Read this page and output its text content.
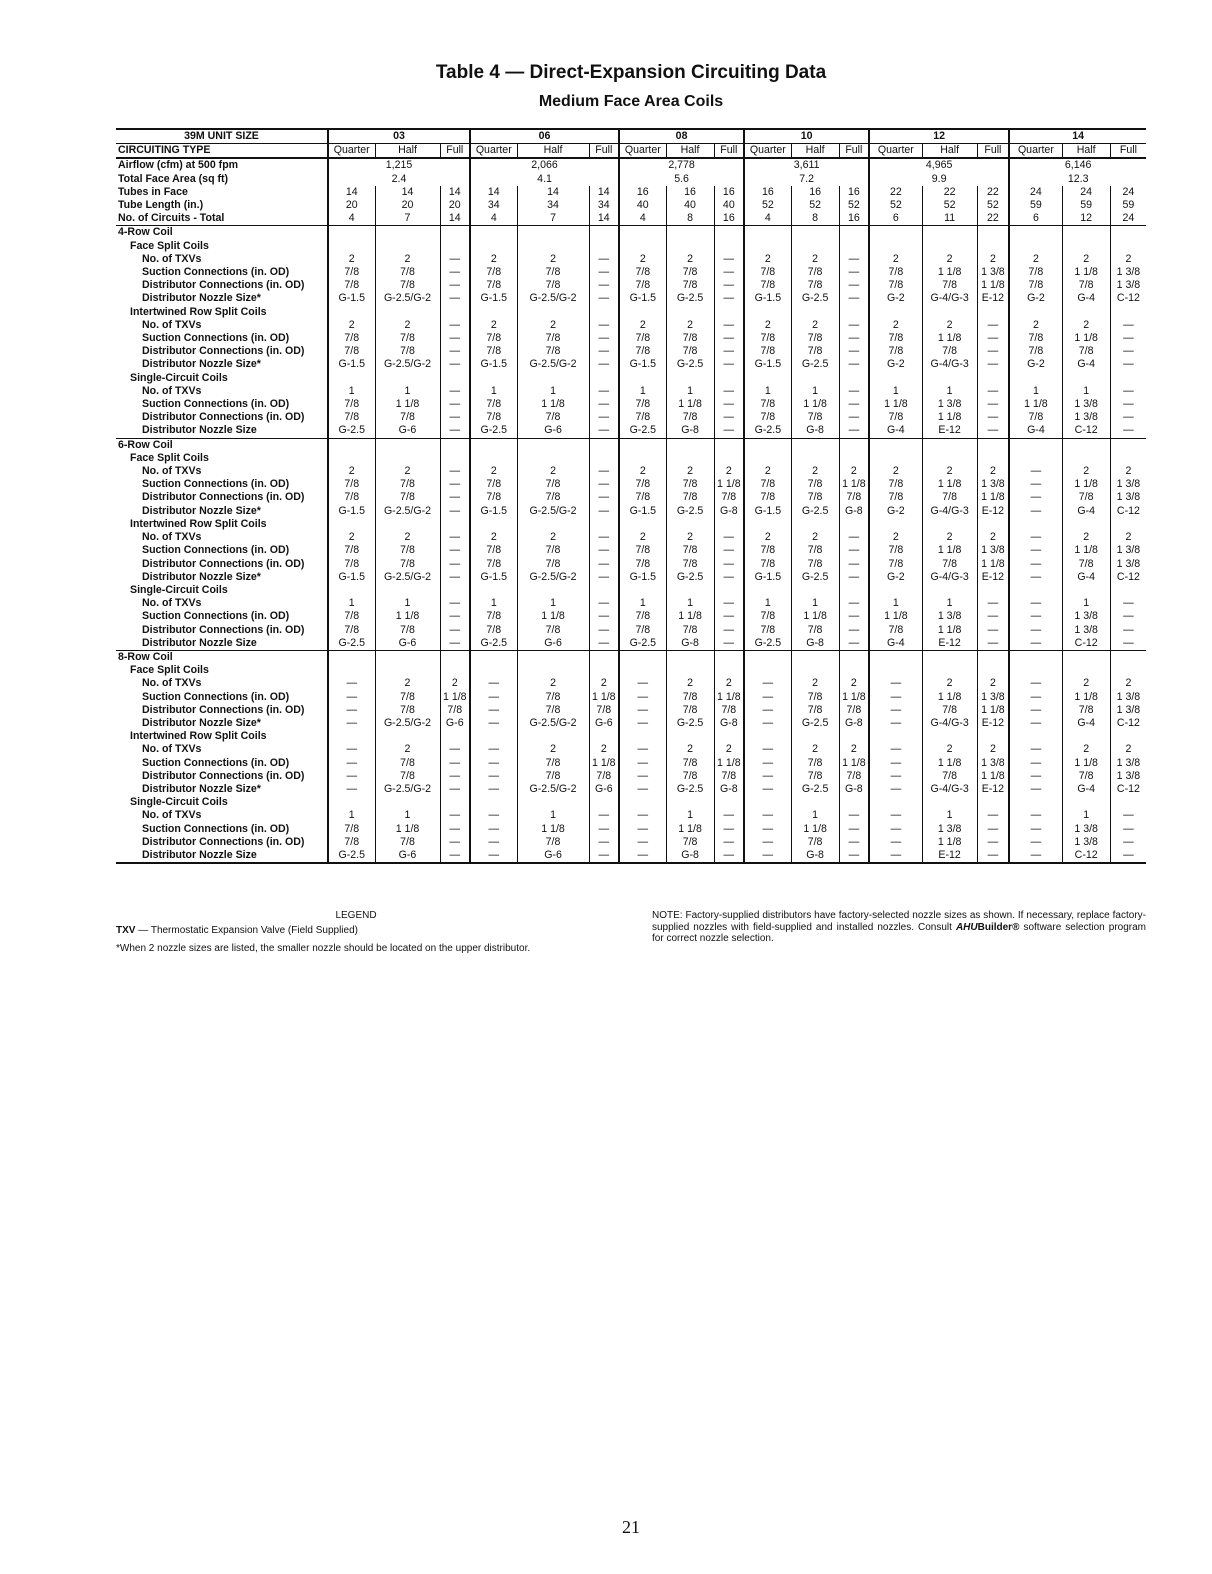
Table 4 — Direct-Expansion Circuiting Data
Medium Face Area Coils
39M UNIT SIZE	03			06			08			10			12			14		
CIRCUITING TYPE	Quarter	Half	Full	Quarter	Half	Full	Quarter	Half	Full	Quarter	Half	Full	Quarter	Half	Full	Quarter	Half	Full
Airflow (cfm) at 500 fpm	1,215			2,066			2,778			3,611			4,965			6,146		
Total Face Area (sq ft)	2.4			4.1			5.6			7.2			9.9			12.3		
Tubes in Face	14	14	14	14	14	14	16	16	16	16	16	16	22	22	22	24	24	24
Tube Length (in.)	20	20	20	34	34	34	40	40	40	52	52	52	52	52	52	59	59	59
No. of Circuits - Total	4	7	14	4	7	14	4	8	16	4	8	16	6	11	22	6	12	24
4-Row Coil																		
Face Split Coils																		
No. of TXVs	2	2	—	2	2	—	2	2	—	2	2	—	2	2	2	2	2	2
Suction Connections (in. OD)	7/8	7/8	—	7/8	7/8	—	7/8	7/8	—	7/8	7/8	—	7/8	1 1/8	1 3/8	7/8	1 1/8	1 3/8
Distributor Connections (in. OD)	7/8	7/8	—	7/8	7/8	—	7/8	7/8	—	7/8	7/8	—	7/8	7/8	1 1/8	7/8	7/8	1 3/8
Distributor Nozzle Size*	G-1.5	G-2.5/G-2	—	G-1.5	G-2.5/G-2	—	G-1.5	G-2.5	—	G-1.5	G-2.5	—	G-2	G-4/G-3	E-12	G-2	G-4	C-12
Intertwined Row Split Coils																		
No. of TXVs	2	2	—	2	2	—	2	2	—	2	2	—	2	2	—	2	2	—
Suction Connections (in. OD)	7/8	7/8	—	7/8	7/8	—	7/8	7/8	—	7/8	7/8	—	7/8	1 1/8	—	7/8	1 1/8	—
Distributor Connections (in. OD)	7/8	7/8	—	7/8	7/8	—	7/8	7/8	—	7/8	7/8	—	7/8	7/8	—	7/8	7/8	—
Distributor Nozzle Size*	G-1.5	G-2.5/G-2	—	G-1.5	G-2.5/G-2	—	G-1.5	G-2.5	—	G-1.5	G-2.5	—	G-2	G-4/G-3	—	G-2	G-4	—
Single-Circuit Coils																		
No. of TXVs	1	1	—	1	1	—	1	1	—	1	1	—	1	1	—	1	1	—
Suction Connections (in. OD)	7/8	1 1/8	—	7/8	1 1/8	—	7/8	1 1/8	—	7/8	1 1/8	—	1 1/8	1 3/8	—	1 1/8	1 3/8	—
Distributor Connections (in. OD)	7/8	7/8	—	7/8	7/8	—	7/8	7/8	—	7/8	7/8	—	7/8	1 1/8	—	7/8	1 3/8	—
Distributor Nozzle Size	G-2.5	G-6	—	G-2.5	G-6	—	G-2.5	G-8	—	G-2.5	G-8	—	G-4	E-12	—	G-4	C-12	—
6-Row Coil																		
Face Split Coils																		
No. of TXVs	2	2	—	2	2	—	2	2	2	2	2	2	2	2	2	—	2	2
Suction Connections (in. OD)	7/8	7/8	—	7/8	7/8	—	7/8	7/8	1 1/8	7/8	7/8	1 1/8	7/8	1 1/8	1 3/8	—	1 1/8	1 3/8
Distributor Connections (in. OD)	7/8	7/8	—	7/8	7/8	—	7/8	7/8	7/8	7/8	7/8	7/8	7/8	7/8	1 1/8	—	7/8	1 3/8
Distributor Nozzle Size*	G-1.5	G-2.5/G-2	—	G-1.5	G-2.5/G-2	—	G-1.5	G-2.5	G-8	G-1.5	G-2.5	G-8	G-2	G-4/G-3	E-12	—	G-4	C-12
Intertwined Row Split Coils																		
No. of TXVs	2	2	—	2	2	—	2	2	—	2	2	—	2	2	2	—	2	2
Suction Connections (in. OD)	7/8	7/8	—	7/8	7/8	—	7/8	7/8	—	7/8	7/8	—	7/8	1 1/8	1 3/8	—	1 1/8	1 3/8
Distributor Connections (in. OD)	7/8	7/8	—	7/8	7/8	—	7/8	7/8	—	7/8	7/8	—	7/8	7/8	1 1/8	—	7/8	1 3/8
Distributor Nozzle Size*	G-1.5	G-2.5/G-2	—	G-1.5	G-2.5/G-2	—	G-1.5	G-2.5	—	G-1.5	G-2.5	—	G-2	G-4/G-3	E-12	—	G-4	C-12
Single-Circuit Coils																		
No. of TXVs	1	1	—	1	1	—	1	1	—	1	1	—	1	1	—	—	1	—
Suction Connections (in. OD)	7/8	1 1/8	—	7/8	1 1/8	—	7/8	1 1/8	—	7/8	1 1/8	—	1 1/8	1 3/8	—	—	1 3/8	—
Distributor Connections (in. OD)	7/8	7/8	—	7/8	7/8	—	7/8	7/8	—	7/8	7/8	—	7/8	1 1/8	—	—	1 3/8	—
Distributor Nozzle Size	G-2.5	G-6	—	G-2.5	G-6	—	G-2.5	G-8	—	G-2.5	G-8	—	G-4	E-12	—	—	C-12	—
8-Row Coil																		
Face Split Coils																		
No. of TXVs	—	2	2	—	2	2	—	2	2	—	2	2	—	2	2	—	2	2
Suction Connections (in. OD)	—	7/8	1 1/8	—	7/8	1 1/8	—	7/8	1 1/8	—	7/8	1 1/8	—	1 1/8	1 3/8	—	1 1/8	1 3/8
Distributor Connections (in. OD)	—	7/8	7/8	—	7/8	7/8	—	7/8	7/8	—	7/8	7/8	—	7/8	1 1/8	—	7/8	1 3/8
Distributor Nozzle Size*	—	G-2.5/G-2	G-6	—	G-2.5/G-2	G-6	—	G-2.5	G-8	—	G-2.5	G-8	—	G-4/G-3	E-12	—	G-4	C-12
Intertwined Row Split Coils																		
No. of TXVs	—	2	—	—	2	2	—	2	2	—	2	2	—	2	2	—	2	2
Suction Connections (in. OD)	—	7/8	—	—	7/8	1 1/8	—	7/8	1 1/8	—	7/8	1 1/8	—	1 1/8	1 3/8	—	1 1/8	1 3/8
Distributor Connections (in. OD)	—	7/8	—	—	7/8	7/8	—	7/8	7/8	—	7/8	7/8	—	7/8	1 1/8	—	7/8	1 3/8
Distributor Nozzle Size*	—	G-2.5/G-2	—	—	G-2.5/G-2	G-6	—	G-2.5	G-8	—	G-2.5	G-8	—	G-4/G-3	E-12	—	G-4	C-12
Single-Circuit Coils																		
No. of TXVs	1	1	—	—	1	—	—	1	—	—	1	—	—	1	—	—	1	—
Suction Connections (in. OD)	7/8	1 1/8	—	—	1 1/8	—	—	1 1/8	—	—	1 1/8	—	—	1 3/8	—	—	1 3/8	—
Distributor Connections (in. OD)	7/8	7/8	—	—	7/8	—	—	7/8	—	—	7/8	—	—	1 1/8	—	—	1 3/8	—
Distributor Nozzle Size	G-2.5	G-6	—	—	G-6	—	—	G-8	—	—	G-8	—	—	E-12	—	—	C-12	—
LEGEND
TXV — Thermostatic Expansion Valve (Field Supplied)
*When 2 nozzle sizes are listed, the smaller nozzle should be located on the upper distributor.
NOTE: Factory-supplied distributors have factory-selected nozzle sizes as shown. If necessary, replace factory-supplied nozzles with field-supplied and installed nozzles. Consult AHUBuilder® software selection program for correct nozzle selection.
21
